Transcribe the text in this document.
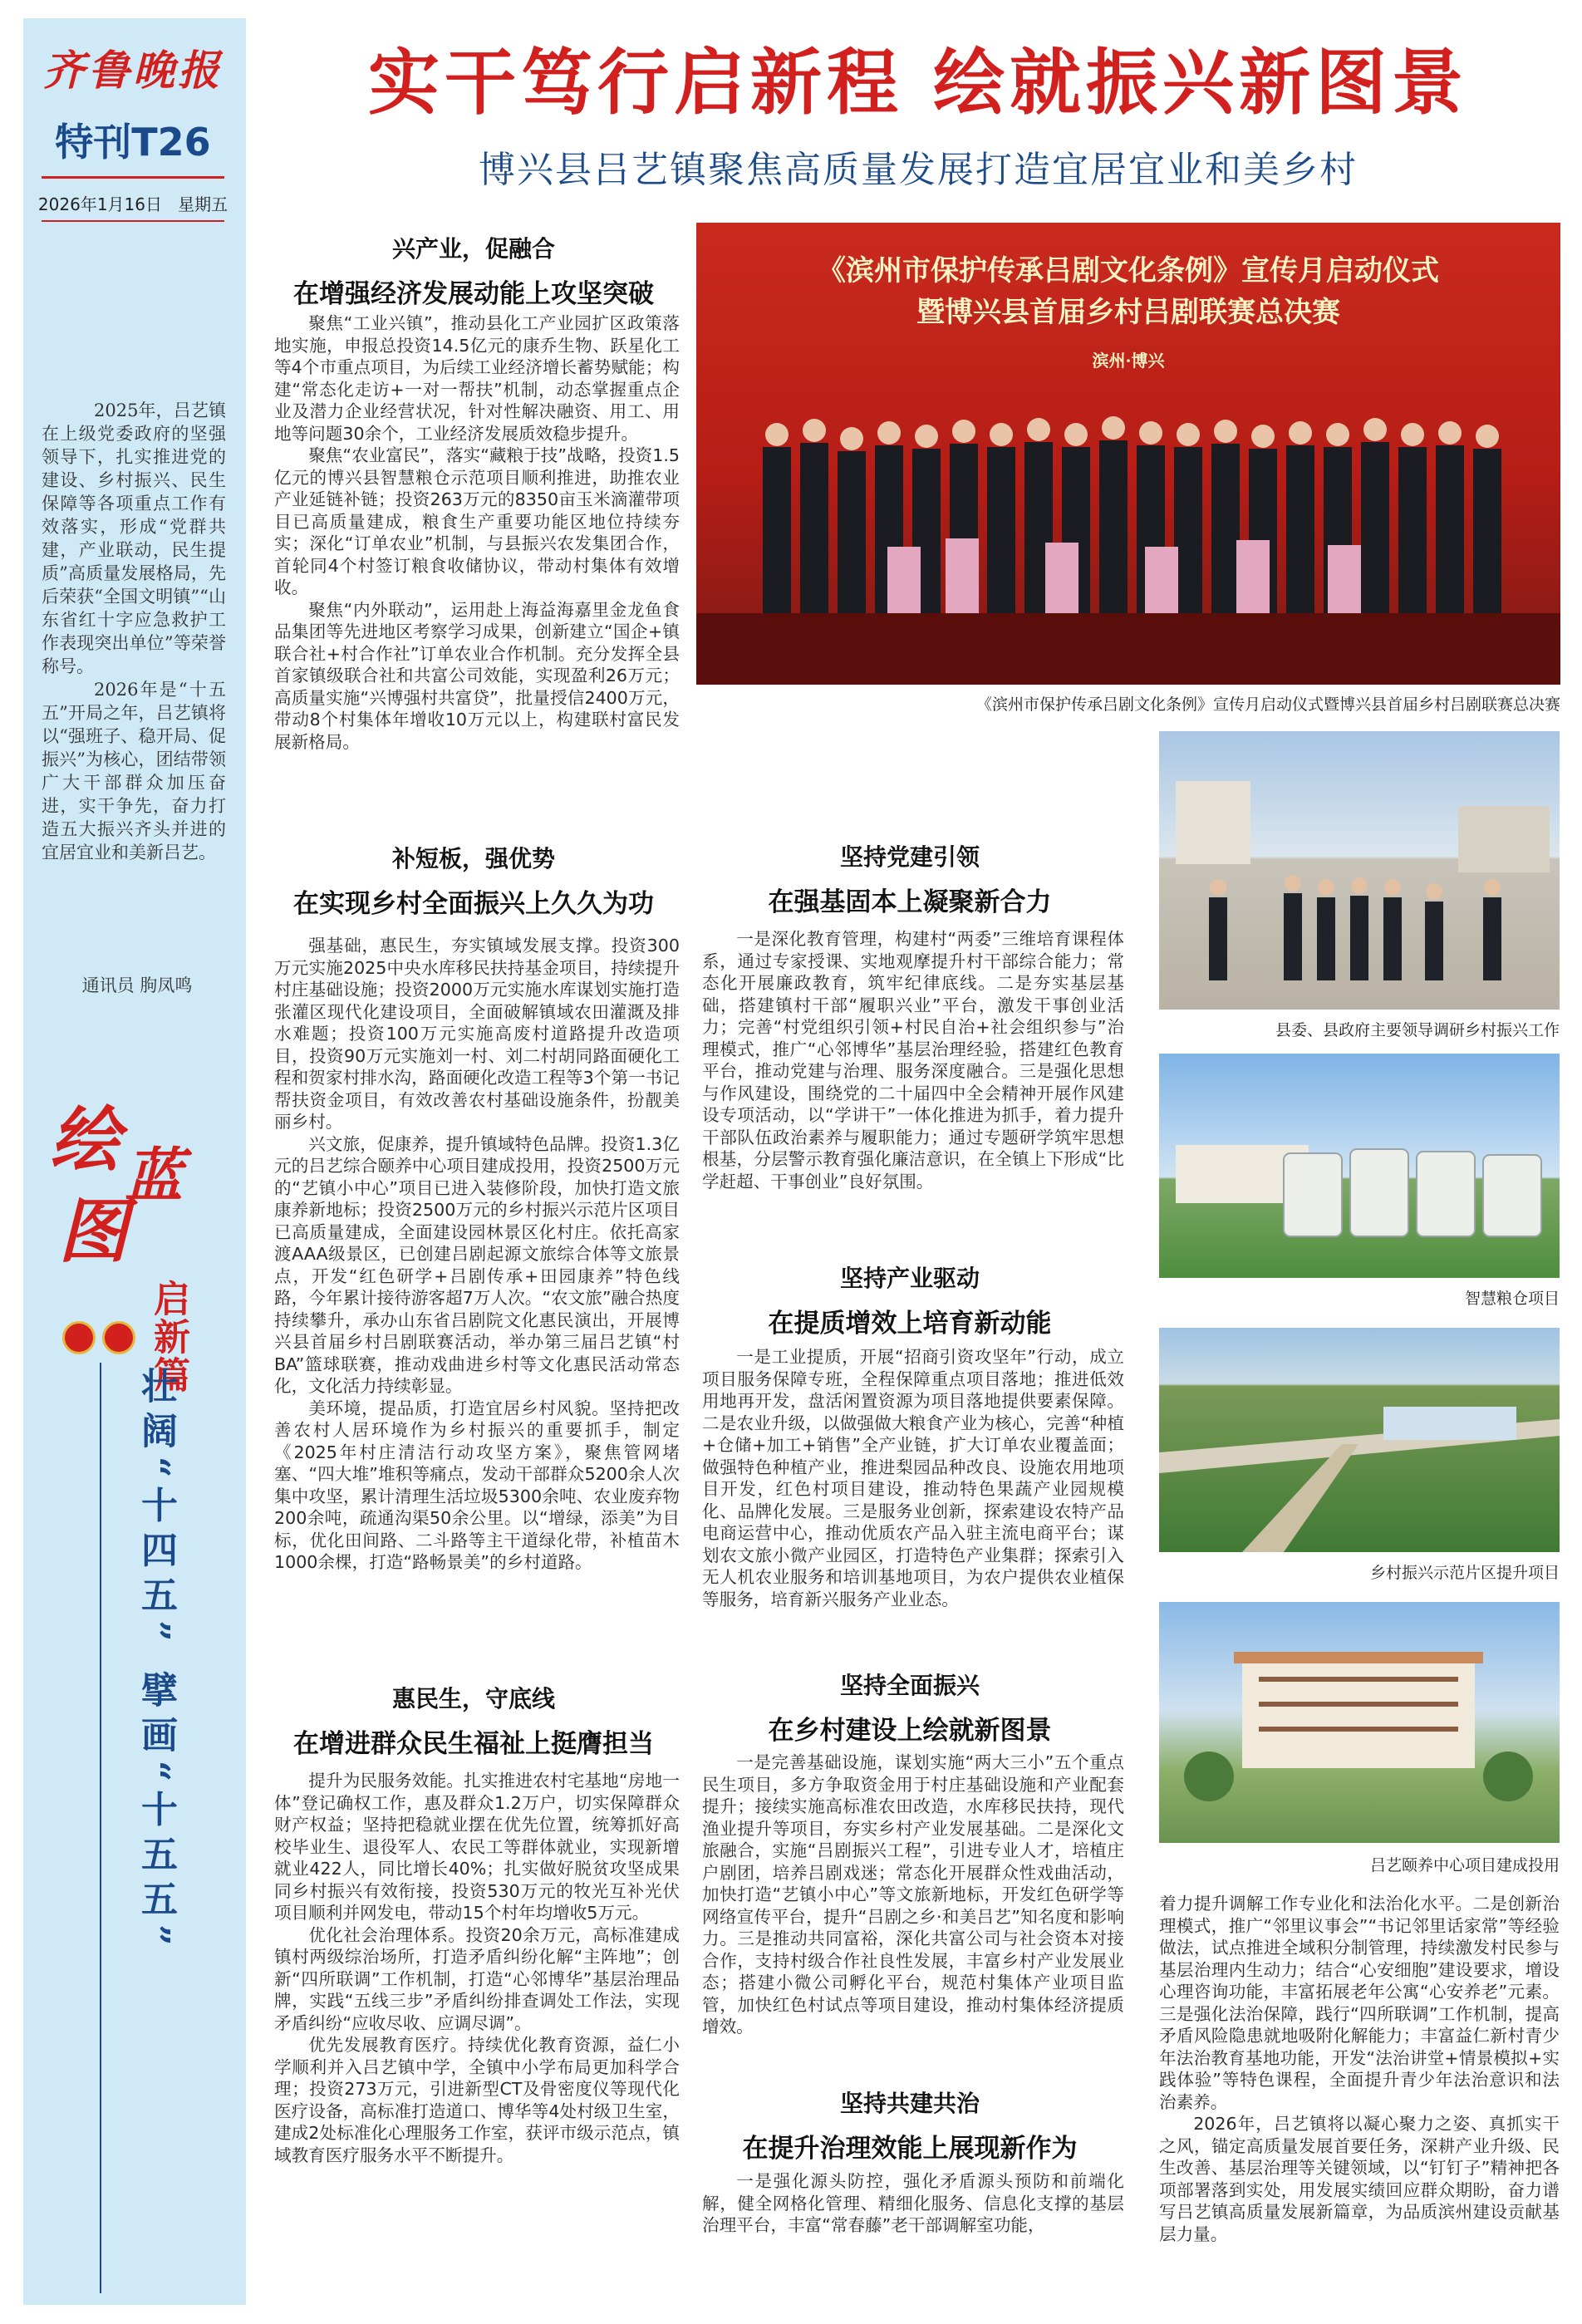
齐鲁晚报
特刊T26
2026年1月16日 星期五

2025年，吕艺镇在上级党委政府的坚强领导下，扎实推进党的建设、乡村振兴、民生保障等各项重点工作有效落实，形成“党群共建，产业联动，民生提质”高质量发展格局，先后荣获“全国文明镇”“山东省红十字应急救护工作表现突出单位”等荣誉称号。

2026年是“十五五”开局之年，吕艺镇将以“强班子、稳开局、促振兴”为核心，团结带领广大干部群众加压奋进，实干争先，奋力打造五大振兴齐头并进的宜居宜业和美新吕艺。

通讯员 朐凤鸣
绘 蓝
图
启新篇
壮阔“十四五” 擘画“十五五”
实干笃行启新程 绘就振兴新图景
博兴县吕艺镇聚焦高质量发展打造宜居宜业和美乡村
《滨州市保护传承吕剧文化条例》宣传月启动仪式
暨博兴县首届乡村吕剧联赛总决赛
滨州·博兴
《滨州市保护传承吕剧文化条例》宣传月启动仪式暨博兴县首届乡村吕剧联赛总决赛
兴产业，促融合
在增强经济发展动能上攻坚突破

聚焦“工业兴镇”，推动县化工产业园扩区政策落地实施，申报总投资14.5亿元的康乔生物、跃星化工等4个市重点项目，为后续工业经济增长蓄势赋能；构建“常态化走访+一对一帮扶”机制，动态掌握重点企业及潜力企业经营状况，针对性解决融资、用工、用地等问题30余个，工业经济发展质效稳步提升。

聚焦“农业富民”，落实“藏粮于技”战略，投资1.5亿元的博兴县智慧粮仓示范项目顺利推进，助推农业产业延链补链；投资263万元的8350亩玉米滴灌带项目已高质量建成，粮食生产重要功能区地位持续夯实；深化“订单农业”机制，与县振兴农发集团合作，首轮同4个村签订粮食收储协议，带动村集体有效增收。

聚焦“内外联动”，运用赴上海益海嘉里金龙鱼食品集团等先进地区考察学习成果，创新建立“国企+镇联合社+村合作社”订单农业合作机制。充分发挥全县首家镇级联合社和共富公司效能，实现盈利26万元；高质量实施“兴博强村共富贷”，批量授信2400万元，带动8个村集体年增收10万元以上，构建联村富民发展新格局。

补短板，强优势
在实现乡村全面振兴上久久为功

强基础，惠民生，夯实镇域发展支撑。投资300万元实施2025中央水库移民扶持基金项目，持续提升村庄基础设施；投资2000万元实施水库谋划实施打造张灌区现代化建设项目，全面破解镇域农田灌溉及排水难题；投资100万元实施高废村道路提升改造项目，投资90万元实施刘一村、刘二村胡同路面硬化工程和贺家村排水沟，路面硬化改造工程等3个第一书记帮扶资金项目，有效改善农村基础设施条件，扮靓美丽乡村。

兴文旅，促康养，提升镇域特色品牌。投资1.3亿元的吕艺综合颐养中心项目建成投用，投资2500万元的“艺镇小中心”项目已进入装修阶段，加快打造文旅康养新地标；投资2500万元的乡村振兴示范片区项目已高质量建成，全面建设园林景区化村庄。依托高家渡AAA级景区，已创建吕剧起源文旅综合体等文旅景点，开发“红色研学+吕剧传承+田园康养”特色线路，今年累计接待游客超7万人次。“农文旅”融合热度持续攀升，承办山东省吕剧院文化惠民演出，开展博兴县首届乡村吕剧联赛活动，举办第三届吕艺镇“村BA”篮球联赛，推动戏曲进乡村等文化惠民活动常态化，文化活力持续彰显。

美环境，提品质，打造宜居乡村风貌。坚持把改善农村人居环境作为乡村振兴的重要抓手，制定《2025年村庄清洁行动攻坚方案》，聚焦管网堵塞、“四大堆”堆积等痛点，发动干部群众5200余人次集中攻坚，累计清理生活垃圾5300余吨、农业废弃物200余吨，疏通沟渠50余公里。以“增绿，添美”为目标，优化田间路、二斗路等主干道绿化带，补植苗木1000余棵，打造“路畅景美”的乡村道路。

惠民生，守底线
在增进群众民生福祉上挺膺担当

提升为民服务效能。扎实推进农村宅基地“房地一体”登记确权工作，惠及群众1.2万户，切实保障群众财产权益；坚持把稳就业摆在优先位置，统筹抓好高校毕业生、退役军人、农民工等群体就业，实现新增就业422人，同比增长40%；扎实做好脱贫攻坚成果同乡村振兴有效衔接，投资530万元的牧光互补光伏项目顺利并网发电，带动15个村年均增收5万元。

优化社会治理体系。投资20余万元，高标准建成镇村两级综治场所，打造矛盾纠纷化解“主阵地”；创新“四所联调”工作机制，打造“心邻博华”基层治理品牌，实践“五线三步”矛盾纠纷排查调处工作法，实现矛盾纠纷“应收尽收、应调尽调”。

优先发展教育医疗。持续优化教育资源，益仁小学顺利并入吕艺镇中学，全镇中小学布局更加科学合理；投资273万元，引进新型CT及骨密度仪等现代化医疗设备，高标准打造道口、博华等4处村级卫生室，建成2处标准化心理服务工作室，获评市级示范点，镇域教育医疗服务水平不断提升。

坚持党建引领
在强基固本上凝聚新合力

一是深化教育管理，构建村“两委”三维培育课程体系，通过专家授课、实地观摩提升村干部综合能力；常态化开展廉政教育，筑牢纪律底线。二是夯实基层基础，搭建镇村干部“履职兴业”平台，激发干事创业活力；完善“村党组织引领+村民自治+社会组织参与”治理模式，推广“心邻博华”基层治理经验，搭建红色教育平台，推动党建与治理、服务深度融合。三是强化思想与作风建设，围绕党的二十届四中全会精神开展作风建设专项活动，以“学讲干”一体化推进为抓手，着力提升干部队伍政治素养与履职能力；通过专题研学筑牢思想根基，分层警示教育强化廉洁意识，在全镇上下形成“比学赶超、干事创业”良好氛围。

坚持产业驱动
在提质增效上培育新动能

一是工业提质，开展“招商引资攻坚年”行动，成立项目服务保障专班，全程保障重点项目落地；推进低效用地再开发，盘活闲置资源为项目落地提供要素保障。二是农业升级，以做强做大粮食产业为核心，完善“种植+仓储+加工+销售”全产业链，扩大订单农业覆盖面；做强特色种植产业，推进梨园品种改良、设施农用地项目开发，红色村项目建设，推动特色果蔬产业园规模化、品牌化发展。三是服务业创新，探索建设农特产品电商运营中心，推动优质农产品入驻主流电商平台；谋划农文旅小微产业园区，打造特色产业集群；探索引入无人机农业服务和培训基地项目，为农户提供农业植保等服务，培育新兴服务产业业态。

坚持全面振兴
在乡村建设上绘就新图景

一是完善基础设施，谋划实施“两大三小”五个重点民生项目，多方争取资金用于村庄基础设施和产业配套提升；接续实施高标准农田改造，水库移民扶持，现代渔业提升等项目，夯实乡村产业发展基础。二是深化文旅融合，实施“吕剧振兴工程”，引进专业人才，培植庄户剧团，培养吕剧戏迷；常态化开展群众性戏曲活动，加快打造“艺镇小中心”等文旅新地标，开发红色研学等网络宣传平台，提升“吕剧之乡·和美吕艺”知名度和影响力。三是推动共同富裕，深化共富公司与社会资本对接合作，支持村级合作社良性发展，丰富乡村产业发展业态；搭建小微公司孵化平台，规范村集体产业项目监管，加快红色村试点等项目建设，推动村集体经济提质增效。

坚持共建共治
在提升治理效能上展现新作为

一是强化源头防控，强化矛盾源头预防和前端化解，健全网格化管理、精细化服务、信息化支撑的基层治理平台，丰富“常春藤”老干部调解室功能，

县委、县政府主要领导调研乡村振兴工作
智慧粮仓项目
乡村振兴示范片区提升项目
吕艺颐养中心项目建成投用

着力提升调解工作专业化和法治化水平。二是创新治理模式，推广“邻里议事会”“书记邻里话家常”等经验做法，试点推进全域积分制管理，持续激发村民参与基层治理内生动力；结合“心安细胞”建设要求，增设心理咨询功能，丰富拓展老年公寓“心安养老”元素。三是强化法治保障，践行“四所联调”工作机制，提高矛盾风险隐患就地吸附化解能力；丰富益仁新村青少年法治教育基地功能，开发“法治讲堂+情景模拟+实践体验”等特色课程，全面提升青少年法治意识和法治素养。

2026年，吕艺镇将以凝心聚力之姿、真抓实干之风，锚定高质量发展首要任务，深耕产业升级、民生改善、基层治理等关键领域，以“钉钉子”精神把各项部署落到实处，用发展实绩回应群众期盼，奋力谱写吕艺镇高质量发展新篇章，为品质滨州建设贡献基层力量。
